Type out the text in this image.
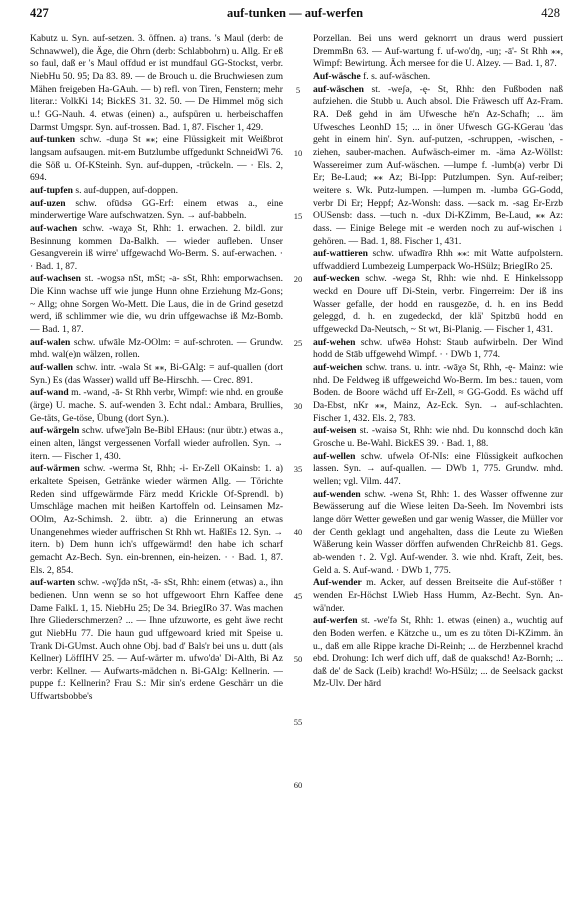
427	auf-tunken — auf-werfen	428

Kabutz u. Syn. auf-setzen. 3. öffnen. a) trans. 's Maul (derb: de Schnawwel), die Äge, die Ohrn (derb: Schlabbohrn) u. Allg. Er eß so faul, daß er 's Maul offdud er ist mundfaul GG-Stockst, verbr. NiebHu 50. 95; Da 83. 89. — de Brouch u. die Bruchwiesen zum Mähen freigeben Ha-GAuh. — b) refl. von Tiren, Fenstern; mehr literar.: VolkKi 14; BickES 31. 32. 50. — De Himmel mög sich u.! GG-Nauh. 4. etwas (einen) a., aufspüren u. herbeischaffen Darmst Umgspr. Syn. auf-trossen. Bad. 1, 87. Fischer 1, 429.

auf-tunken schw. -duŋə St ⁎⁎; eine Flüssigkeit mit Weißbrot langsam aufsaugen. mit-em Butzlumbe uffgedunkt SchneidWi 76. die Söß u. Of-KSteinh. Syn. auf-duppen, -trückeln. — · Els. 2, 694.

auf-tupfen s. auf-duppen, auf-doppen.

auf-uzen schw. ofūdsə GG-Erf: einem etwas a., eine minderwertige Ware aufschwatzen. Syn. → auf-babbeln.

auf-wachen schw. -waχə St, Rhh: 1. erwachen. 2. bildl. zur Besinnung kommen Da-Balkh. — wieder aufleben. Unser Gesangverein iß wirre' uffgewachd Wo-Berm. S. auf-erwachen. · · Bad. 1, 87.

auf-wachsen st. -wogsə nSt, mSt; -a- sSt, Rhh: emporwachsen. Die Kinn wachse uff wie junge Hunn ohne Erziehung Mz-Gons; ~ Allg; ohne Sorgen Wo-Mett. Die Laus, die in de Grind gesetzd werd, iß schlimmer wie die, wu drin uffgewachse iß Mz-Bomb. — Bad. 1, 87.

auf-walen schw. ufwāle Mz-OOlm: = auf-schroten. — Grundw. mhd. wal(e)n wälzen, rollen.

auf-wallen schw. intr. -walə St ⁎⁎, Bi-GAlg: = auf-quallen (dort Syn.) Es (das Wasser) walld uff Be-Hirschh. — Crec. 891.

auf-wand m. -wand, -ā- St Rhh verbr, Wimpf: wie nhd. en grouße (ärge) U. mache. S. auf-wenden 3. Echt ndal.: Ambara, Brullies, Ge-täts, Ge-töse, Übung (dort Syn.).

auf-wärgeln schw. ufwe'ǰəln Be-Bibl EHaus: (nur übtr.) etwas a., einen alten, längst vergessenen Vorfall wieder aufrollen. Syn. → itern. — Fischer 1, 430.

auf-wärmen schw. -wermə St, Rhh; -i- Er-Zell OKainsb: 1. a) erkaltete Speisen, Getränke wieder wärmen Allg. — Törichte Reden sind uffgewärmde Färz medd Krickle Of-Sprendl. b) Umschläge machen mit heißen Kartoffeln od. Leinsamen Mz-OOlm, Az-Schimsh. 2. übtr. a) die Erinnerung an etwas Unangenehmes wieder auffrischen St Rhh wt. HaßlEs 12. Syn. → itern. b) Dem hunn ich's uffgewärmd! den habe ich scharf gemacht Az-Bech. Syn. ein-brennen, ein-heizen. · · Bad. 1, 87. Els. 2, 854.

auf-warten schw. -wǫ'ǰdə nSt, -ā- sSt, Rhh: einem (etwas) a., ihn bedienen. Unn wenn se so hot uffgewoort Ehrn Kaffee dene Dame FalkL 1, 15. NiebHu 25; De 34. BriegIRo 37. Was machen Ihre Gliederschmerzen? ... — Ihne ufzuworte, es geht äwe recht gut NiebHu 77. Die haun gud uffgewoard kried mit Speise u. Trank Di-GUmst. Auch ohne Obj. bad d' Bals'r bei uns u. dutt (als Kellner) LöffIHV 25. — Auf-wärter m. ufwo'dǝ' Di-Alth, Bi Az verbr: Kellner. — Aufwarts-mädchen n. Bi-GAlg: Kellnerin. —puppe f.: Kellnerin? Frau S.: Mir sin's erdene Geschärr un die Uffwartsbobbe's

5
10
15
20
25
30
35
40
45
50
55
60

Porzellan. Bei uns werd geknorrt un draus werd pussiert DremmBn 63. — Auf-wartung f. uf-wo'dŋ, -uŋ; -ā'- St Rhh ⁎⁎, Wimpf: Bewirtung. Äch mersee for die U. Alzey. — Bad. 1, 87.

Auf-wäsche f. s. auf-wäschen.

auf-wäschen st. -weʃə, -ę- St, Rhh: den Fußboden naß aufziehen. die Stubb u. Auch absol. Die Fräwesch uff Az-Fram. RA. Deß gehd in äm Ufwesche hē'n Az-Schafh; ... äm Ufwesches LeonhD 15; ... in öner Ufwesch GG-KGerau 'das geht in einem hin'. Syn. auf-putzen, -schruppen, -wischen, -ziehen, sauber-machen. Aufwäsch-eimer m. -ämə Az-Wöllst: Wassereimer zum Auf-wäschen. —lumpe f. -lumb(ə) verbr Di Er; Be-Laud; ⁎⁎ Az; Bi-Ipp: Putzlumpen. Syn. Auf-reiber; weitere s. Wk. Putz-lumpen. —lumpen m. -lumbə GG-Godd, verbr Di Er; Heppf; Az-Wonsh: dass. —sack m. -sag Er-Erzb OUSensb: dass. —tuch n. -dux Di-KZimm, Be-Laud, ⁎⁎ Az: dass. — Einige Belege mit -e werden noch zu auf-wischen ↓ gehören. — Bad. 1, 88. Fischer 1, 431.

auf-wattieren schw. ufwadīrə Rhh ⁎⁎: mit Watte aufpolstern. uffwaddierd Lumbezeig Lumperpack Wo-HSülz; BriegIRo 25.

auf-wecken schw. -wegə St, Rhh: wie nhd. E Hinkelssopp weckd en Doure uff Di-Stein, verbr. Fingerreim: Der iß ins Wasser gefalle, der hodd en rausgezōe, d. h. en ins Bedd geleggd, d. h. en zugedeckd, der klä' Spitzbū hodd en uffgeweckd Da-Neutsch, ~ St wt, Bi-Planig. — Fischer 1, 431.

auf-wehen schw. ufwēə Hohst: Staub aufwirbeln. Der Wind hodd de Stāb uffgewehd Wimpf. · · DWb 1, 774.

auf-weichen schw. trans. u. intr. -wāχə St, Rhh, -ę- Mainz: wie nhd. De Feldweg iß uffgeweichd Wo-Berm. Im bes.: tauen, vom Boden. de Boore wächd uff Er-Zell, ≈ GG-Godd. Es wächd uff Da-Ebst, nKr ⁎⁎, Mainz, Az-Eck. Syn. → auf-schlachten. Fischer 1, 432. Els. 2, 783.

auf-weisen st. -waisə St, Rhh: wie nhd. Du konnschd doch kān Grosche u. Be-Wahl. BickES 39. · Bad. 1, 88.

auf-wellen schw. ufwelə Of-NIs: eine Flüssigkeit aufkochen lassen. Syn. → auf-quallen. — DWb 1, 775. Grundw. mhd. wellen; vgl. Vilm. 447.

auf-wenden schw. -wenə St, Rhh: 1. des Wasser offwenne zur Bewässerung auf die Wiese leiten Da-Seeh. Im Novembri ists lange dörr Wetter geweßen und gar wenig Wasser, die Müller vor der Centh geklagt und angehalten, dass die Leute zu Wießen Wäßerung kein Wasser dörffen aufwenden ChrReichb 81. Gegs. ab-wenden ↑. 2. Vgl. Auf-wender. 3. wie nhd. Kraft, Zeit, bes. Geld a. S. Auf-wand. · DWb 1, 775.

Auf-wender m. Acker, auf dessen Breitseite die Auf-stößer ↑ wenden Er-Höchst LWieb Hass Humm, Az-Becht. Syn. An-wä'nder.

auf-werfen st. -we'fə St, Rhh: 1. etwas (einen) a., wuchtig auf den Boden werfen. e Kätzche u., um es zu töten Di-KZimm. än u., daß em alle Rippe krache Di-Reinh; ... de Herzbennel krachd ebd. Drohung: Ich werf dich uff, daß de quakschd! Az-Bornh; ... daß de' de Sack (Leib) krachd! Wo-HSülz; ... de Seelsack gackst Mz-Ulv. Der hārd
